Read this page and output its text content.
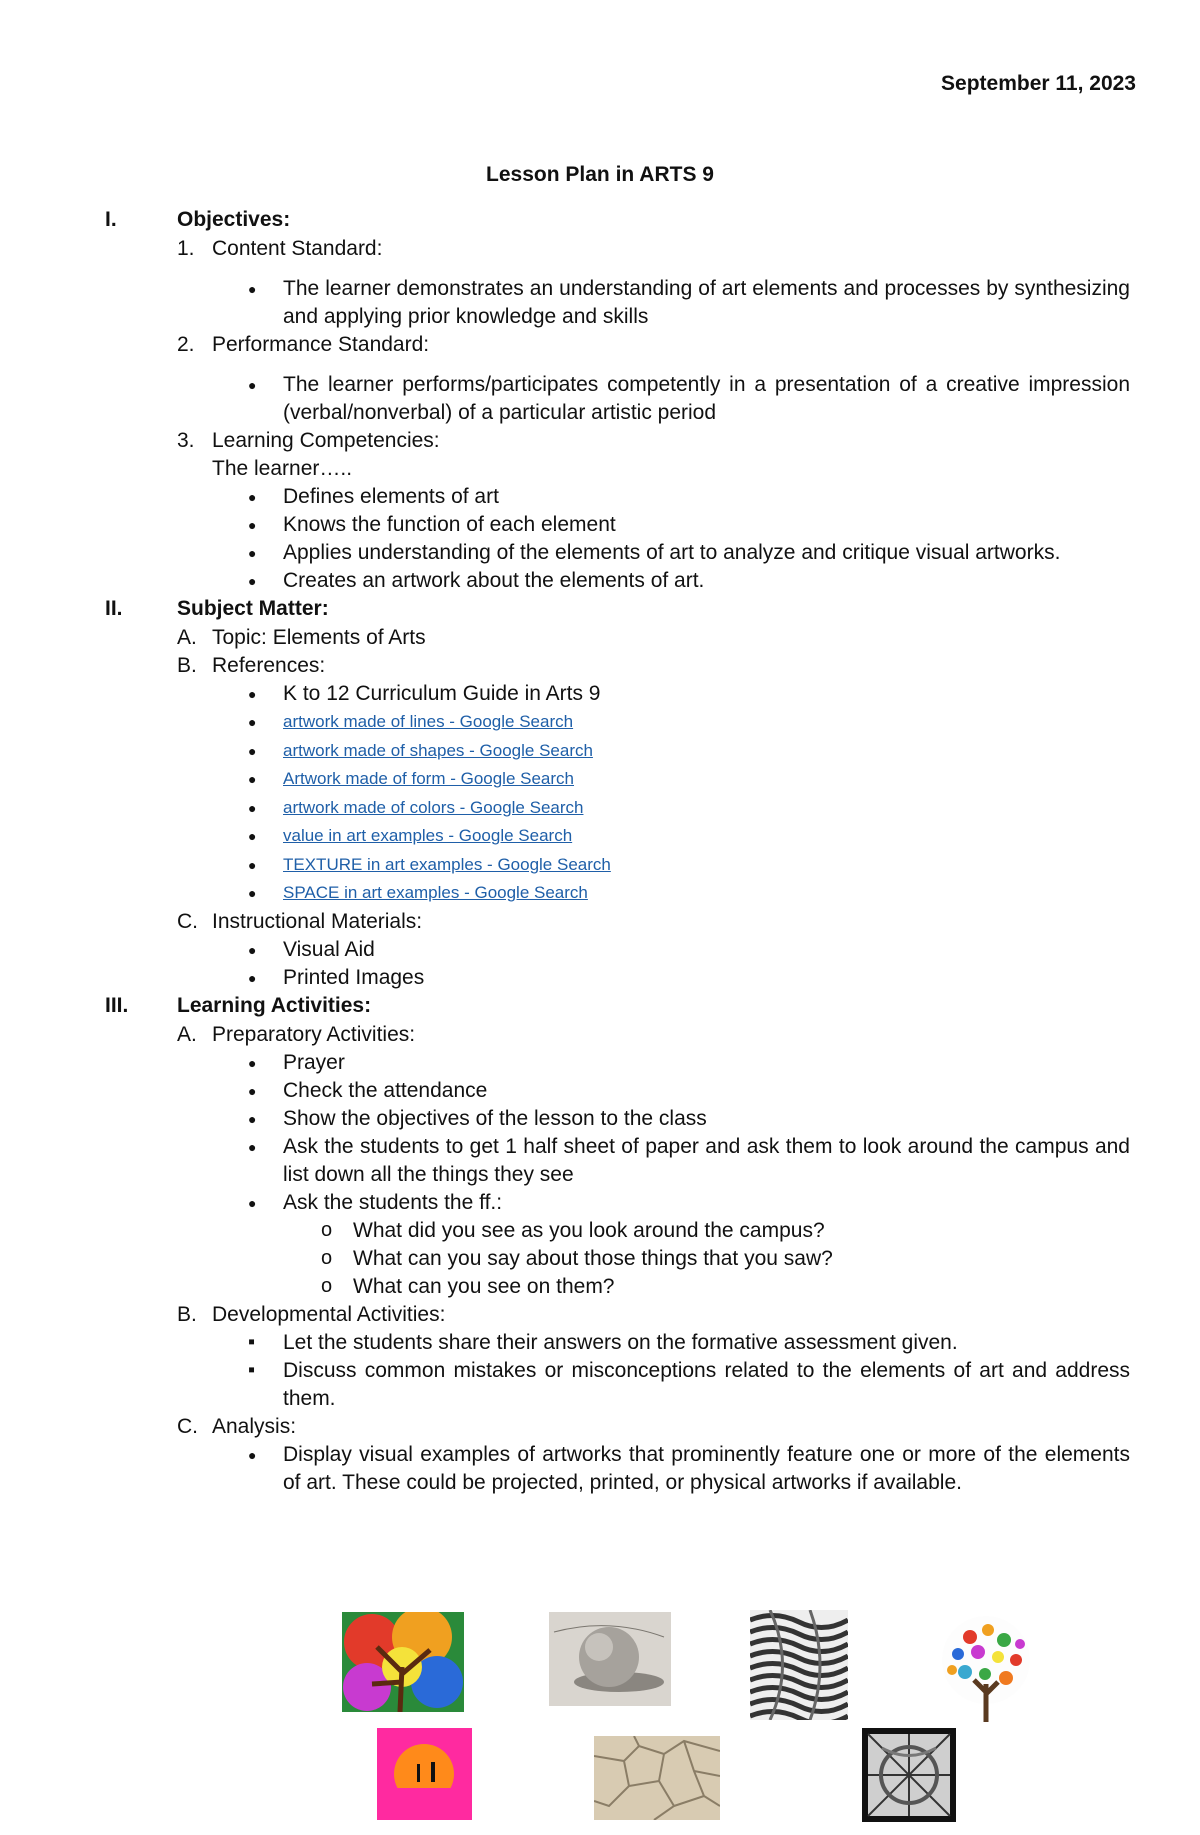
September 11, 2023
Lesson Plan in ARTS 9
I.	Objectives:
1. Content Standard:
● The learner demonstrates an understanding of art elements and processes by synthesizing and applying prior knowledge and skills
2. Performance Standard:
● The learner performs/participates competently in a presentation of a creative impression (verbal/nonverbal) of a particular artistic period
3. Learning Competencies:
The learner…..
● Defines elements of art
● Knows the function of each element
● Applies understanding of the elements of art to analyze and critique visual artworks.
● Creates an artwork about the elements of art.
II.	Subject Matter:
A. Topic: Elements of Arts
B. References:
● K to 12 Curriculum Guide in Arts 9
● artwork made of lines - Google Search
● artwork made of shapes - Google Search
● Artwork made of form - Google Search
● artwork made of colors - Google Search
● value in art examples - Google Search
● TEXTURE in art examples - Google Search
● SPACE in art examples - Google Search
C. Instructional Materials:
● Visual Aid
● Printed Images
III. Learning Activities:
A. Preparatory Activities:
● Prayer
● Check the attendance
● Show the objectives of the lesson to the class
● Ask the students to get 1 half sheet of paper and ask them to look around the campus and list down all the things they see
● Ask the students the ff.:
o What did you see as you look around the campus?
o What can you say about those things that you saw?
o What can you see on them?
B. Developmental Activities:
▪ Let the students share their answers on the formative assessment given.
▪ Discuss common mistakes or misconceptions related to the elements of art and address them.
C. Analysis:
● Display visual examples of artworks that prominently feature one or more of the elements of art. These could be projected, printed, or physical artworks if available.
